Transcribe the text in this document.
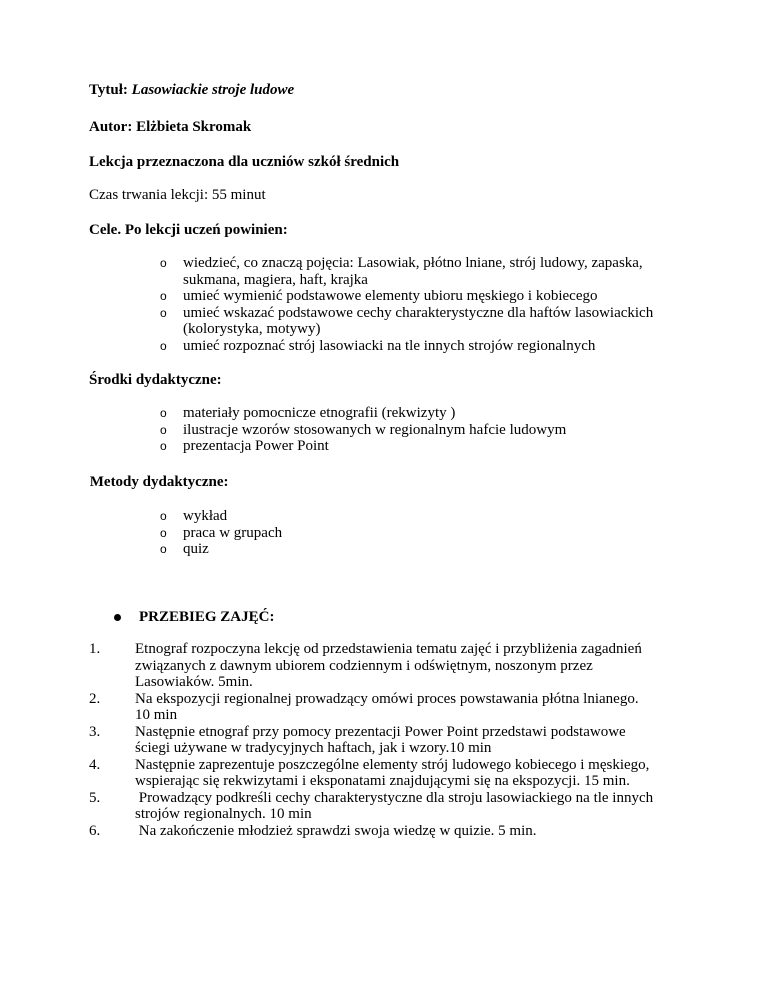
Tytuł: Lasowiackie stroje ludowe
Autor: Elżbieta Skromak
Lekcja przeznaczona dla uczniów szkół średnich
Czas trwania lekcji: 55 minut
Cele. Po lekcji uczeń powinien:
o wiedzieć, co znaczą pojęcia: Lasowiak, płótno lniane, strój ludowy, zapaska,
sukmana, magiera, haft, krajka
o umieć wymienić podstawowe elementy ubioru męskiego i kobiecego
o umieć wskazać podstawowe cechy charakterystyczne dla haftów lasowiackich
(kolorystyka, motywy)
o umieć rozpoznać strój lasowiacki na tle innych strojów regionalnych
Środki dydaktyczne:
o materiały pomocnicze etnografii (rekwizyty )
o ilustracje wzorów stosowanych w regionalnym hafcie ludowym
o prezentacja Power Point
Metody dydaktyczne:
o wykład
o praca w grupach
o quiz
PRZEBIEG ZAJĘĆ:
1. Etnograf rozpoczyna lekcję od przedstawienia tematu zajęć i przybliżenia zagadnień
związanych z dawnym ubiorem codziennym i odświętnym, noszonym przez
Lasowiaków. 5min.
2. Na ekspozycji regionalnej prowadzący omówi proces powstawania płótna lnianego.
10 min
3. Następnie etnograf przy pomocy prezentacji Power Point przedstawi podstawowe
ściegi używane w tradycyjnych haftach, jak i wzory.10 min
4. Następnie zaprezentuje poszczególne elementy strój ludowego kobiecego i męskiego,
wspierając się rekwizytami i eksponatami znajdującymi się na ekspozycji. 15 min.
5. Prowadzący podkreśli cechy charakterystyczne dla stroju lasowiackiego na tle innych
strojów regionalnych. 10 min
6. Na zakończenie młodzież sprawdzi swoja wiedzę w quizie. 5 min.
